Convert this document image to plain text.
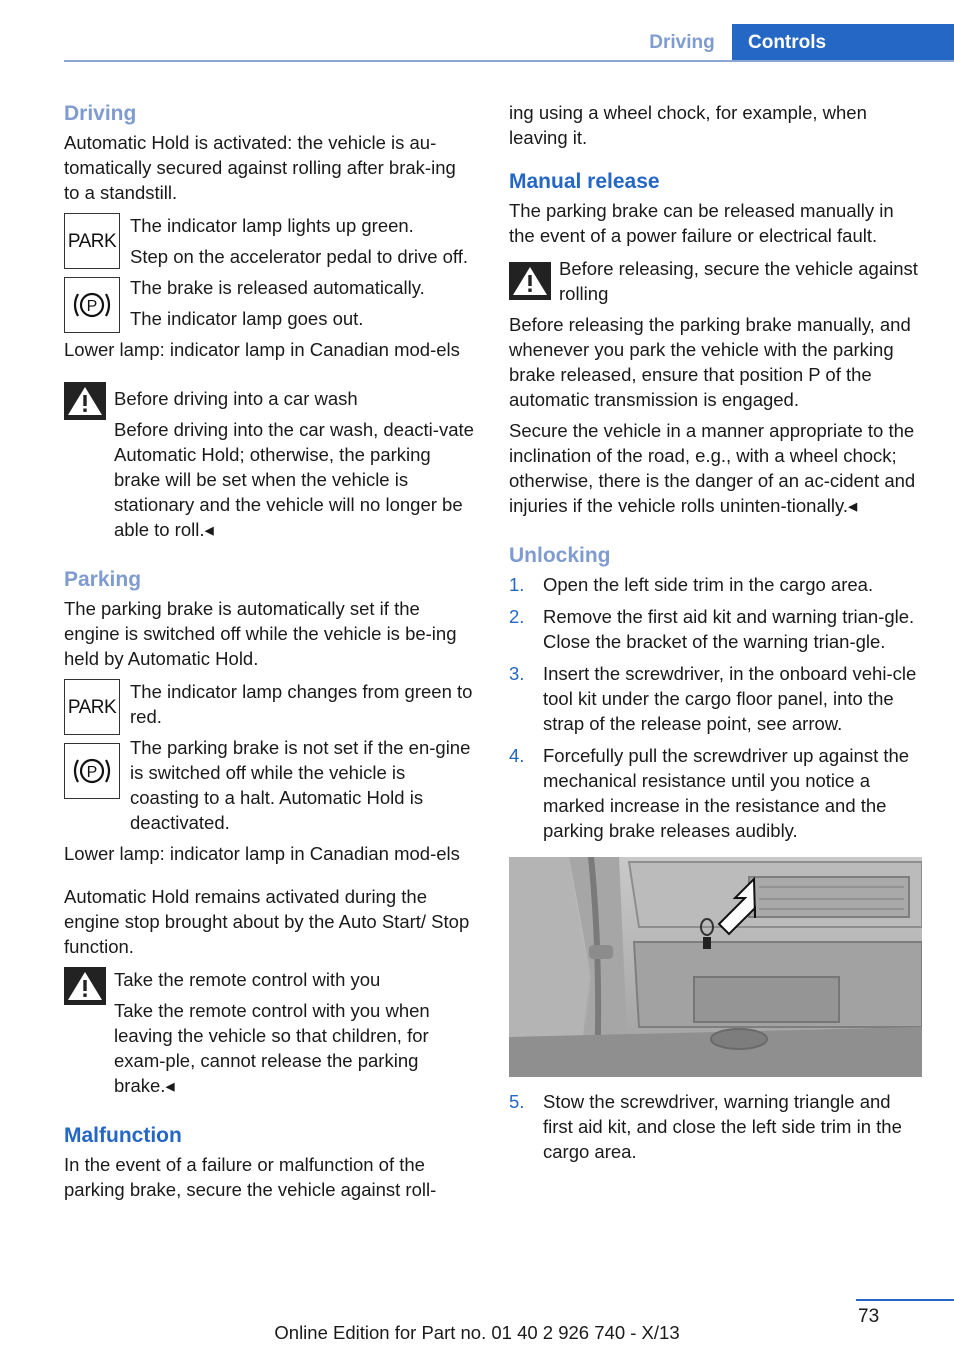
Driving	Controls
Driving

Automatic Hold is activated: the vehicle is au-tomatically secured against rolling after brak-ing to a standstill.

PARK
P

The indicator lamp lights up green.

Step on the accelerator pedal to drive off.

The brake is released automatically.

The indicator lamp goes out.

Lower lamp: indicator lamp in Canadian mod-els

Before driving into a car wash

Before driving into the car wash, deacti-vate Automatic Hold; otherwise, the parking brake will be set when the vehicle is stationary and the vehicle will no longer be able to roll.◂

Parking

The parking brake is automatically set if the engine is switched off while the vehicle is be-ing held by Automatic Hold.

PARK
P

The indicator lamp changes from green to red.

The parking brake is not set if the en-gine is switched off while the vehicle is coasting to a halt. Automatic Hold is deactivated.

Lower lamp: indicator lamp in Canadian mod-els

Automatic Hold remains activated during the engine stop brought about by the Auto Start/ Stop function.

Take the remote control with you

Take the remote control with you when leaving the vehicle so that children, for exam-ple, cannot release the parking brake.◂

Malfunction

In the event of a failure or malfunction of the parking brake, secure the vehicle against roll-

ing using a wheel chock, for example, when leaving it.

Manual release

The parking brake can be released manually in the event of a power failure or electrical fault.

Before releasing, secure the vehicle against rolling

Before releasing the parking brake manually, and whenever you park the vehicle with the parking brake released, ensure that position P of the automatic transmission is engaged.

Secure the vehicle in a manner appropriate to the inclination of the road, e.g., with a wheel chock; otherwise, there is the danger of an ac-cident and injuries if the vehicle rolls uninten-tionally.◂

Unlocking
1. Open the left side trim in the cargo area.
2. Remove the first aid kit and warning trian-gle. Close the bracket of the warning trian-gle.
3. Insert the screwdriver, in the onboard vehi-cle tool kit under the cargo floor panel, into the strap of the release point, see arrow.
4. Forcefully pull the screwdriver up against the mechanical resistance until you notice a marked increase in the resistance and the parking brake releases audibly.
5. Stow the screwdriver, warning triangle and first aid kit, and close the left side trim in the cargo area.
73
Online Edition for Part no. 01 40 2 926 740 - X/13
